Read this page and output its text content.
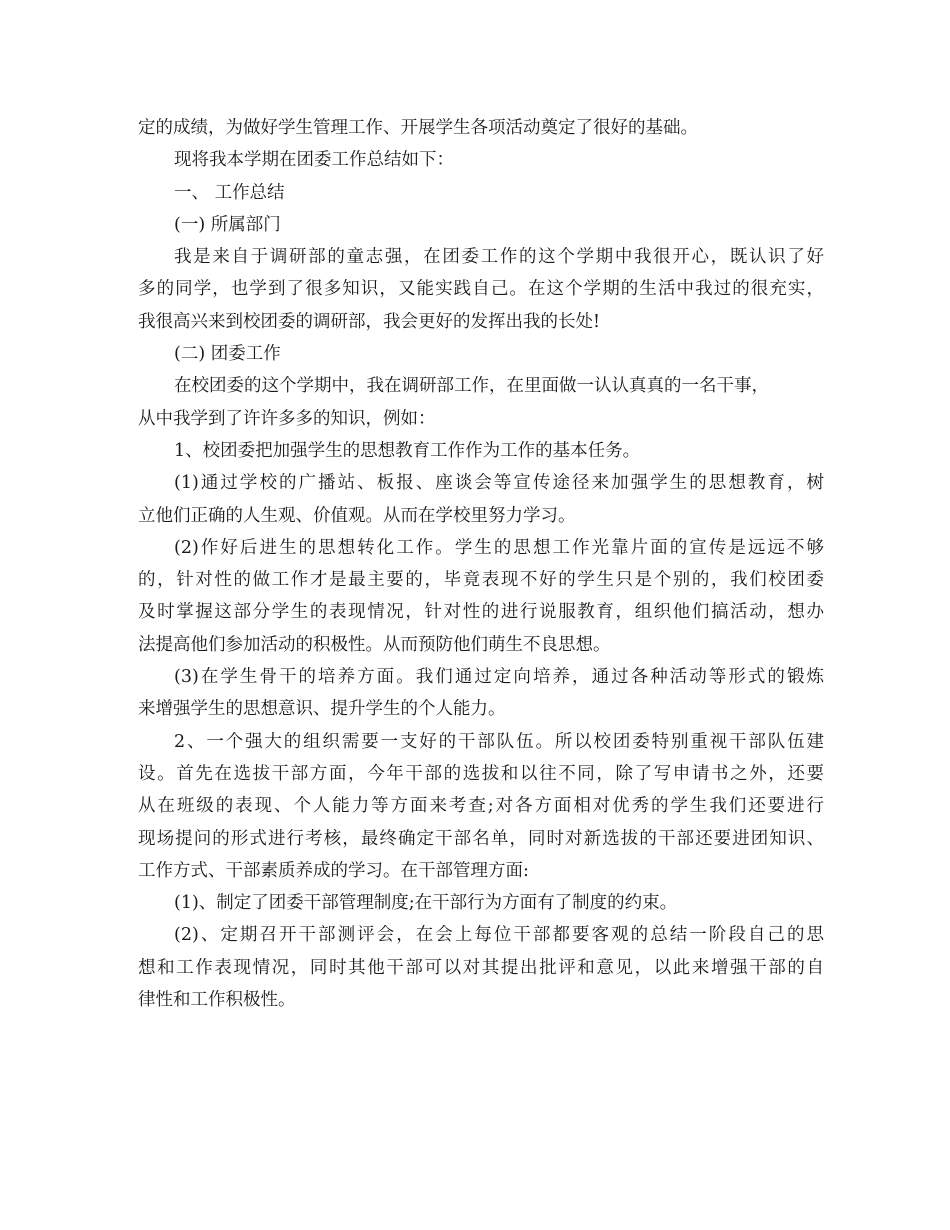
定的成绩，为做好学生管理工作、开展学生各项活动奠定了很好的基础。
现将我本学期在团委工作总结如下：
一、 工作总结
(一) 所属部门
我是来自于调研部的童志强，在团委工作的这个学期中我很开心，既认识了好
多的同学，也学到了很多知识，又能实践自己。在这个学期的生活中我过的很充实，
我很高兴来到校团委的调研部，我会更好的发挥出我的长处!
(二) 团委工作
在校团委的这个学期中，我在调研部工作，在里面做一认认真真的一名干事，
从中我学到了许许多多的知识，例如：
1、校团委把加强学生的思想教育工作作为工作的基本任务。
(1)通过学校的广播站、板报、座谈会等宣传途径来加强学生的思想教育，树
立他们正确的人生观、价值观。从而在学校里努力学习。
(2)作好后进生的思想转化工作。学生的思想工作光靠片面的宣传是远远不够
的，针对性的做工作才是最主要的，毕竟表现不好的学生只是个别的，我们校团委
及时掌握这部分学生的表现情况，针对性的进行说服教育，组织他们搞活动，想办
法提高他们参加活动的积极性。从而预防他们萌生不良思想。
(3)在学生骨干的培养方面。我们通过定向培养，通过各种活动等形式的锻炼
来增强学生的思想意识、提升学生的个人能力。
2、一个强大的组织需要一支好的干部队伍。所以校团委特别重视干部队伍建
设。首先在选拔干部方面，今年干部的选拔和以往不同，除了写申请书之外，还要
从在班级的表现、个人能力等方面来考查;对各方面相对优秀的学生我们还要进行
现场提问的形式进行考核，最终确定干部名单，同时对新选拔的干部还要进团知识、
工作方式、干部素质养成的学习。在干部管理方面:
(1)、制定了团委干部管理制度;在干部行为方面有了制度的约束。
(2)、定期召开干部测评会，在会上每位干部都要客观的总结一阶段自己的思
想和工作表现情况，同时其他干部可以对其提出批评和意见，以此来增强干部的自
律性和工作积极性。
